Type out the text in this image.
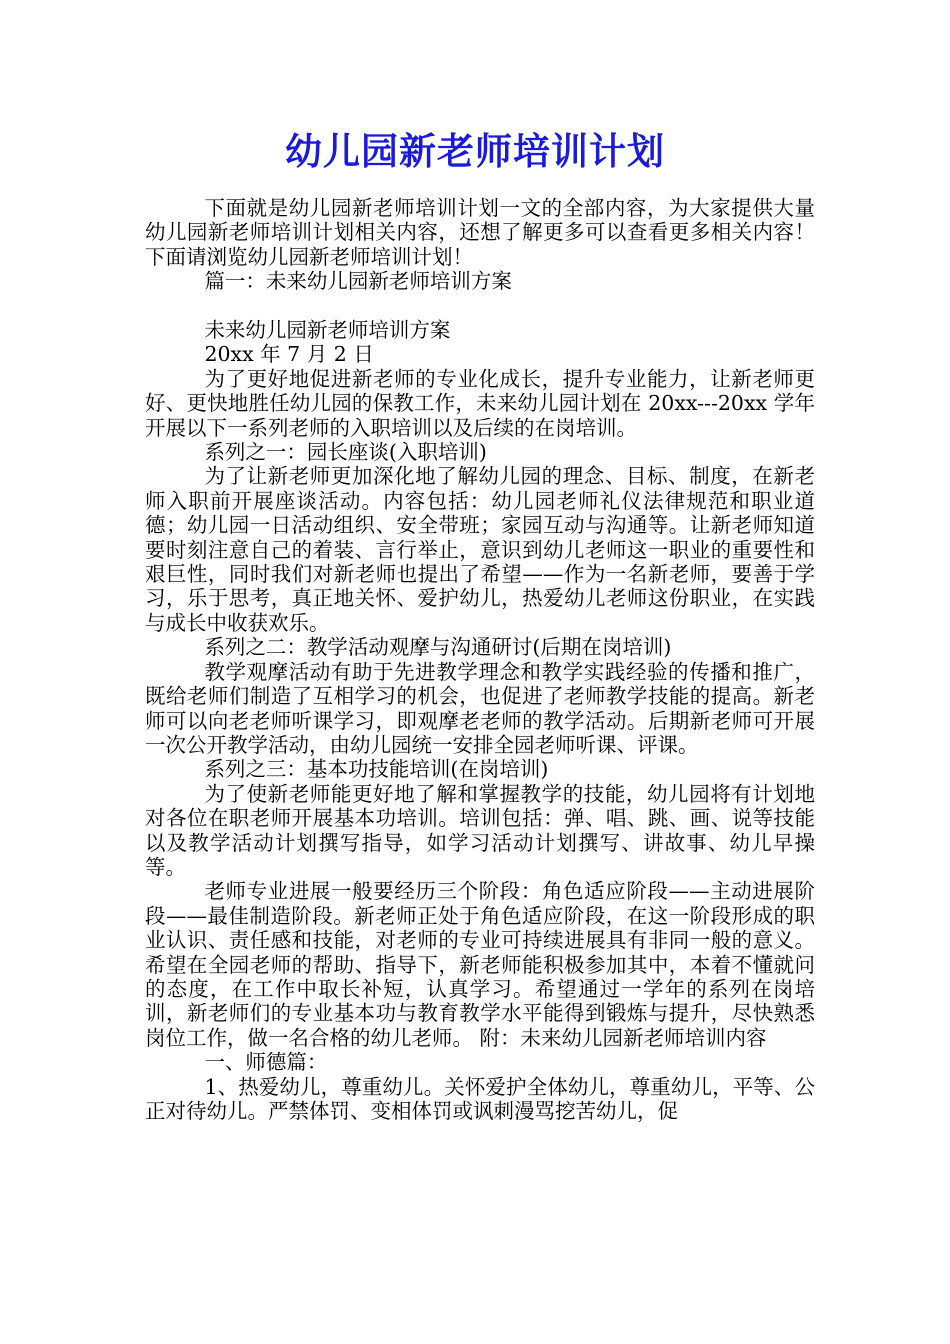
幼儿园新老师培训计划

下面就是幼儿园新老师培训计划一文的全部内容，为大家提供大量幼儿园新老师培训计划相关内容，还想了解更多可以查看更多相关内容！下面请浏览幼儿园新老师培训计划！

篇一：未来幼儿园新老师培训方案

未来幼儿园新老师培训方案

20xx 年 7 月 2 日

为了更好地促进新老师的专业化成长，提升专业能力，让新老师更好、更快地胜任幼儿园的保教工作，未来幼儿园计划在 20xx---20xx 学年开展以下一系列老师的入职培训以及后续的在岗培训。

系列之一：园长座谈(入职培训)

为了让新老师更加深化地了解幼儿园的理念、目标、制度，在新老师入职前开展座谈活动。内容包括：幼儿园老师礼仪法律规范和职业道德；幼儿园一日活动组织、安全带班；家园互动与沟通等。让新老师知道要时刻注意自己的着装、言行举止，意识到幼儿老师这一职业的重要性和艰巨性，同时我们对新老师也提出了希望——作为一名新老师，要善于学习，乐于思考，真正地关怀、爱护幼儿，热爱幼儿老师这份职业，在实践与成长中收获欢乐。

系列之二：教学活动观摩与沟通研讨(后期在岗培训)

教学观摩活动有助于先进教学理念和教学实践经验的传播和推广，既给老师们制造了互相学习的机会，也促进了老师教学技能的提高。新老师可以向老老师听课学习，即观摩老老师的教学活动。后期新老师可开展一次公开教学活动，由幼儿园统一安排全园老师听课、评课。

系列之三：基本功技能培训(在岗培训)

为了使新老师能更好地了解和掌握教学的技能，幼儿园将有计划地对各位在职老师开展基本功培训。培训包括：弹、唱、跳、画、说等技能以及教学活动计划撰写指导，如学习活动计划撰写、讲故事、幼儿早操等。

老师专业进展一般要经历三个阶段：角色适应阶段——主动进展阶段——最佳制造阶段。新老师正处于角色适应阶段，在这一阶段形成的职业认识、责任感和技能，对老师的专业可持续进展具有非同一般的意义。希望在全园老师的帮助、指导下，新老师能积极参加其中，本着不懂就问的态度，在工作中取长补短，认真学习。希望通过一学年的系列在岗培训，新老师们的专业基本功与教育教学水平能得到锻炼与提升，尽快熟悉岗位工作，做一名合格的幼儿老师。 附：未来幼儿园新老师培训内容

一、师德篇：

1、热爱幼儿，尊重幼儿。关怀爱护全体幼儿，尊重幼儿，平等、公正对待幼儿。严禁体罚、变相体罚或讽刺漫骂挖苦幼儿，促
